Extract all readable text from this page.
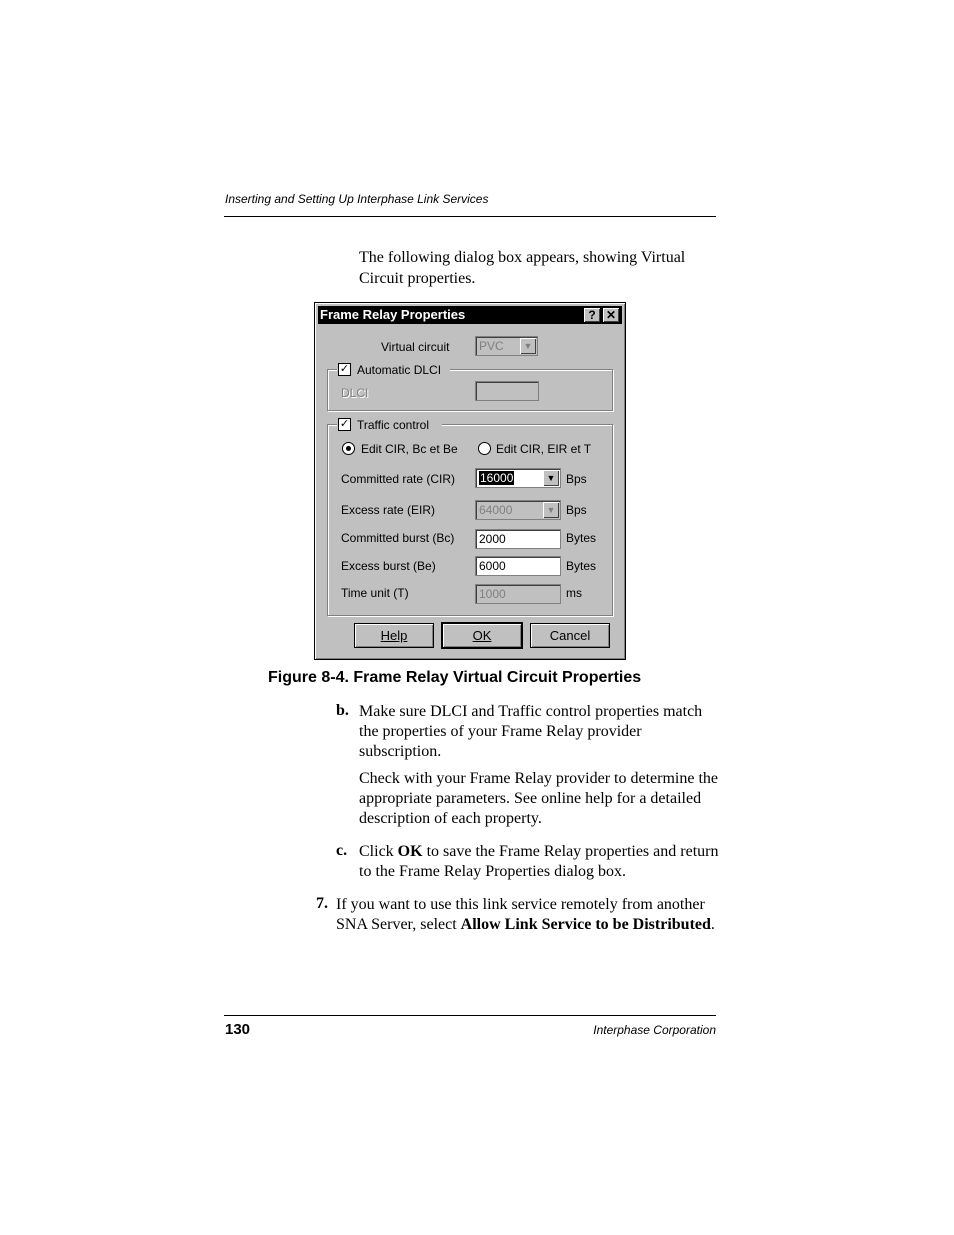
Inserting and Setting Up Interphase Link Services
The following dialog box appears, showing Virtual Circuit properties.
Frame Relay Properties	? ✕
Virtual circuit	PVC	▼
✓ Automatic DLCI
DLCI
✓ Traffic control
Edit CIR, Bc et Be	Edit CIR, EIR et T
Committed rate (CIR)	16000	▼ Bps
Excess rate (EIR)	64000	▼ Bps
Committed burst (Bc)	2000	Bytes
Excess burst (Be)	6000	Bytes
Time unit (T)	1000	ms
Help	OK	Cancel
Figure 8-4. Frame Relay Virtual Circuit Properties
b. Make sure DLCI and Traffic control properties match the properties of your Frame Relay provider subscription.
Check with your Frame Relay provider to determine the appropriate parameters. See online help for a detailed description of each property.
c. Click OK to save the Frame Relay properties and return to the Frame Relay Properties dialog box.
7. If you want to use this link service remotely from another SNA Server, select Allow Link Service to be Distributed.
130	Interphase Corporation
